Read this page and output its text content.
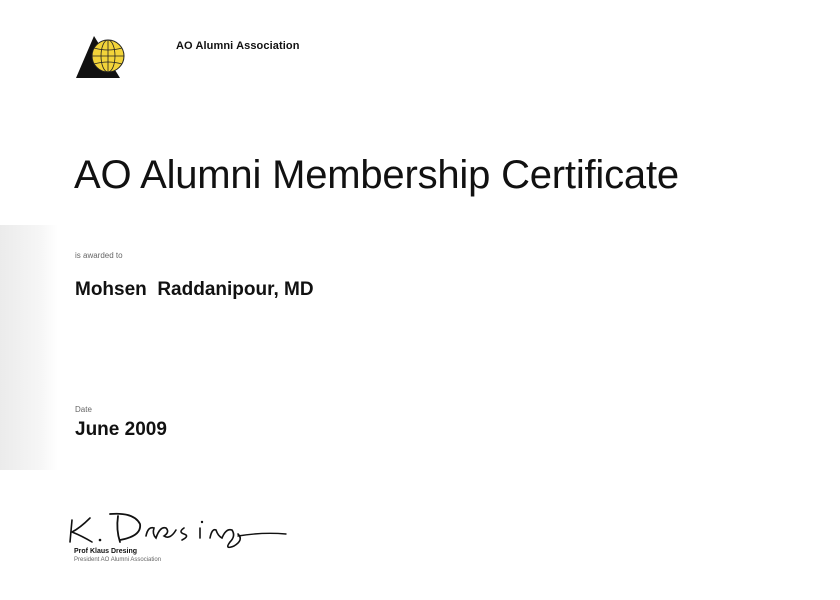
AO Alumni Association
AO Alumni Membership Certificate
is awarded to
Mohsen  Raddanipour, MD
Date
June 2009
Prof Klaus Dresing
President AO Alumni Association
